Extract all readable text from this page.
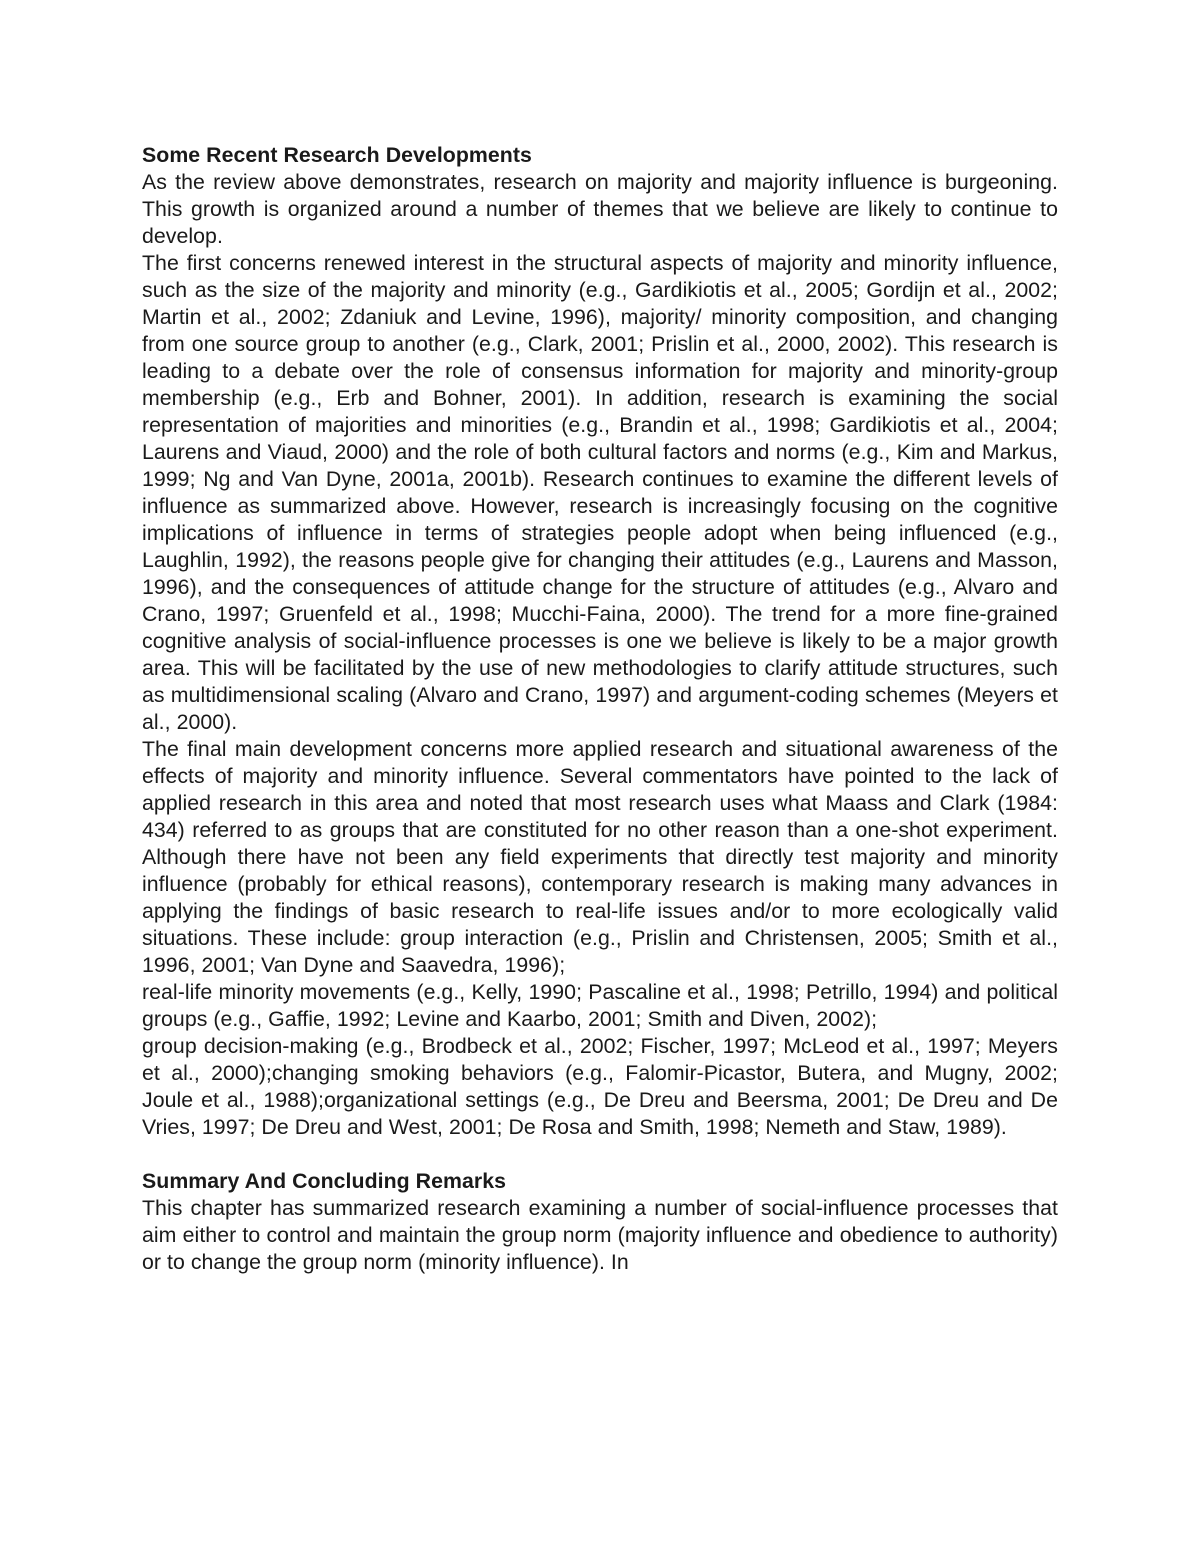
Some Recent Research Developments

As the review above demonstrates, research on majority and majority influence is burgeoning. This growth is organized around a number of themes that we believe are likely to continue to develop.

The first concerns renewed interest in the structural aspects of majority and minority influence, such as the size of the majority and minority (e.g., Gardikiotis et al., 2005; Gordijn et al., 2002; Martin et al., 2002; Zdaniuk and Levine, 1996), majority/ minority composition, and changing from one source group to another (e.g., Clark, 2001; Prislin et al., 2000, 2002). This research is leading to a debate over the role of consensus information for majority and minority-group membership (e.g., Erb and Bohner, 2001). In addition, research is examining the social representation of majorities and minorities (e.g., Brandin et al., 1998; Gardikiotis et al., 2004; Laurens and Viaud, 2000) and the role of both cultural factors and norms (e.g., Kim and Markus, 1999; Ng and Van Dyne, 2001a, 2001b). Research continues to examine the different levels of influence as summarized above. However, research is increasingly focusing on the cognitive implications of influence in terms of strategies people adopt when being influenced (e.g., Laughlin, 1992), the reasons people give for changing their attitudes (e.g., Laurens and Masson, 1996), and the consequences of attitude change for the structure of attitudes (e.g., Alvaro and Crano, 1997; Gruenfeld et al., 1998; Mucchi-Faina, 2000). The trend for a more fine-grained cognitive analysis of social-influence processes is one we believe is likely to be a major growth area. This will be facilitated by the use of new methodologies to clarify attitude structures, such as multidimensional scaling (Alvaro and Crano, 1997) and argument-coding schemes (Meyers et al., 2000).

The final main development concerns more applied research and situational awareness of the effects of majority and minority influence. Several commentators have pointed to the lack of applied research in this area and noted that most research uses what Maass and Clark (1984: 434) referred to as groups that are constituted for no other reason than a one-shot experiment. Although there have not been any field experiments that directly test majority and minority influence (probably for ethical reasons), contemporary research is making many advances in applying the findings of basic research to real-life issues and/or to more ecologically valid situations. These include: group interaction (e.g., Prislin and Christensen, 2005; Smith et al., 1996, 2001; Van Dyne and Saavedra, 1996);

real-life minority movements (e.g., Kelly, 1990; Pascaline et al., 1998; Petrillo, 1994) and political groups (e.g., Gaffie, 1992; Levine and Kaarbo, 2001; Smith and Diven, 2002);

group decision-making (e.g., Brodbeck et al., 2002; Fischer, 1997; McLeod et al., 1997; Meyers et al., 2000);changing smoking behaviors (e.g., Falomir-Picastor, Butera, and Mugny, 2002; Joule et al., 1988);organizational settings (e.g., De Dreu and Beersma, 2001; De Dreu and De Vries, 1997; De Dreu and West, 2001; De Rosa and Smith, 1998; Nemeth and Staw, 1989).

Summary And Concluding Remarks

This chapter has summarized research examining a number of social-influence processes that aim either to control and maintain the group norm (majority influence and obedience to authority) or to change the group norm (minority influence). In
